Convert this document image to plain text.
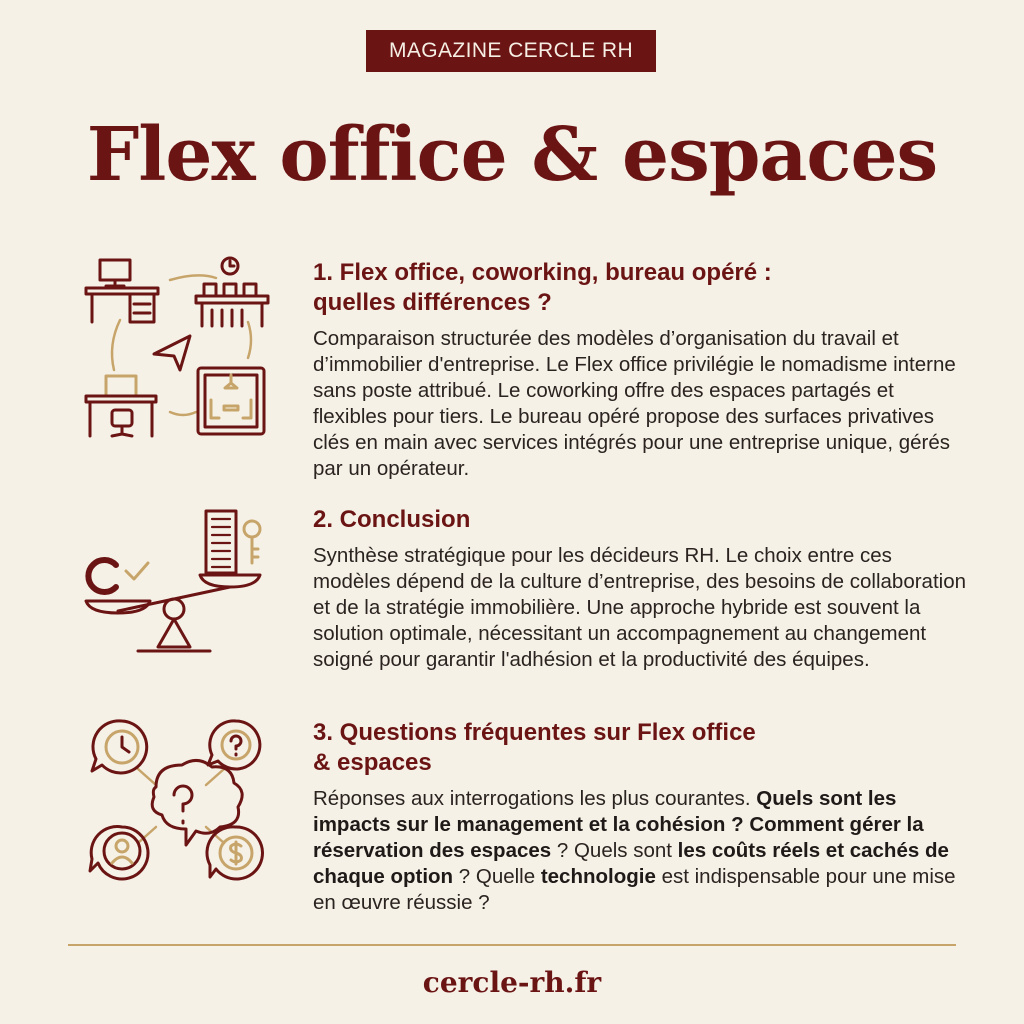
MAGAZINE CERCLE RH
Flex office & espaces
1. Flex office, coworking, bureau opéré :
quelles différences ?

Comparaison structurée des modèles d’organisation du travail et d’immobilier d'entreprise. Le Flex office privilégie le nomadisme interne sans poste attribué. Le coworking offre des espaces partagés et flexibles pour tiers. Le bureau opéré propose des surfaces privatives clés en main avec services intégrés pour une entreprise unique, gérés par un opérateur.

2. Conclusion

Synthèse stratégique pour les décideurs RH. Le choix entre ces modèles dépend de la culture d’entreprise, des besoins de collaboration et de la stratégie immobilière. Une approche hybride est souvent la solution optimale, nécessitant un accompagnement au changement soigné pour garantir l'adhésion et la productivité des équipes.

3. Questions fréquentes sur Flex office
& espaces

Réponses aux interrogations les plus courantes. Quels sont les impacts sur le management et la cohésion ? Comment gérer la réservation des espaces ? Quels sont les coûts réels et cachés de chaque option ? Quelle technologie est indispensable pour une mise en œuvre réussie ?

cercle-rh.fr
